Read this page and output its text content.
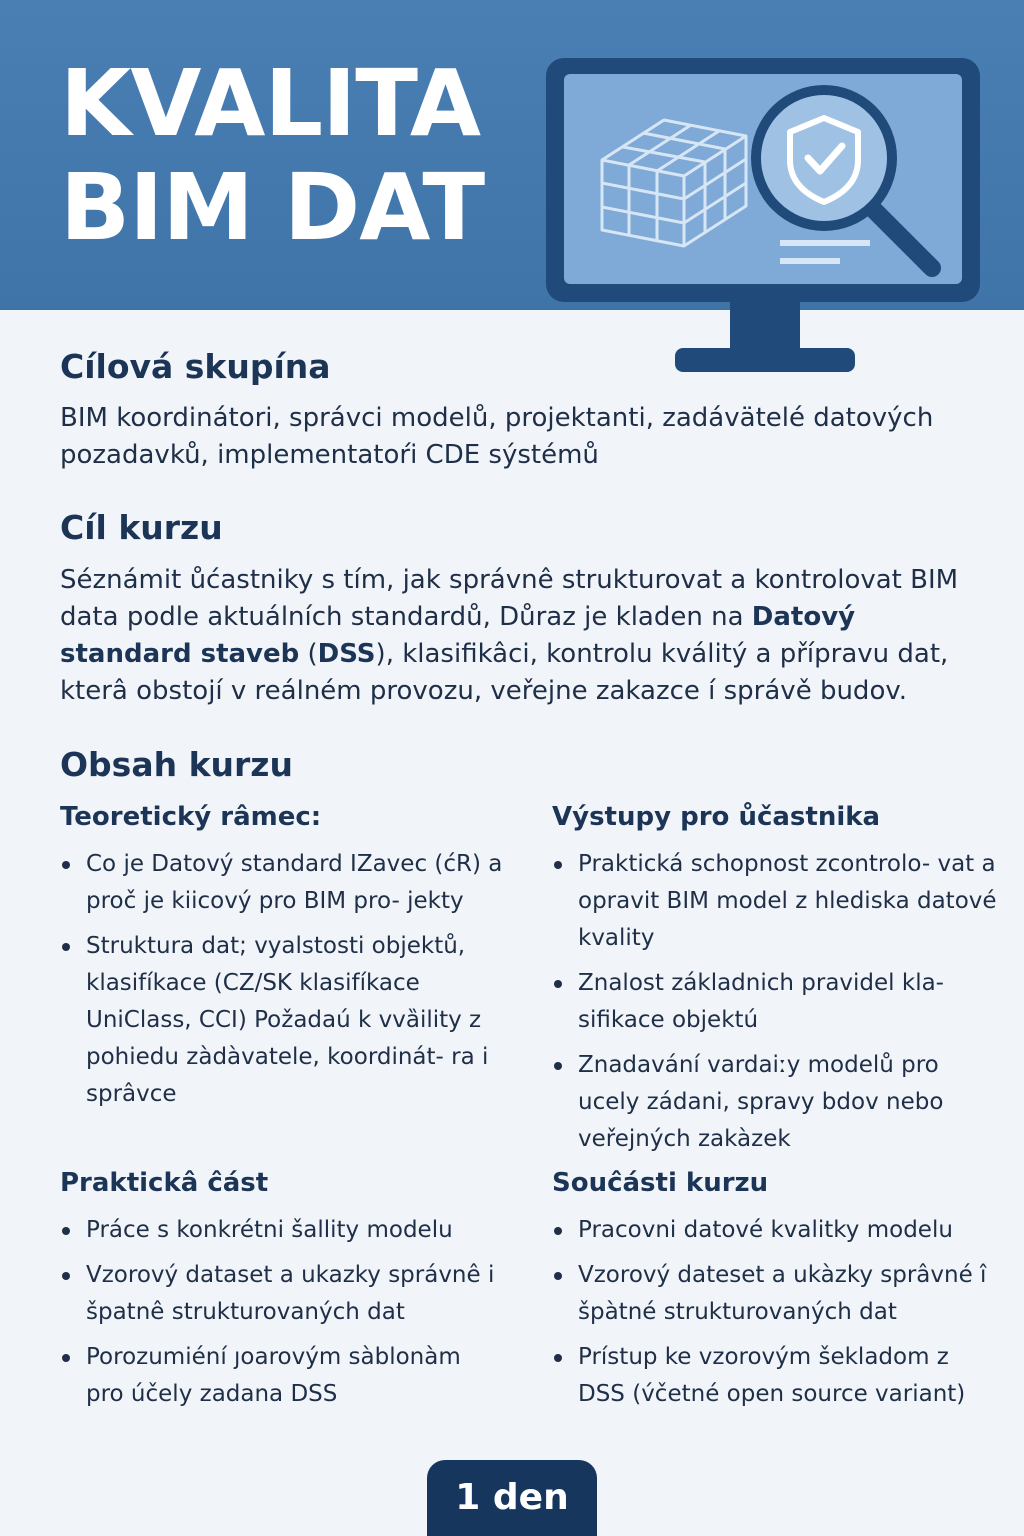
KVALITA
BIM DAT
Cílová skupína

BIM koordinátori, správci modelů, projektanti, zadávätelé datových pozadavků, implementatoŕi CDE sýstémů

Cíl kurzu

Séznámit ůćastniky s tím, jak správnê strukturovat a kontrolovat BIM data podle aktuálních standardů, Důraz je kladen na Datový standard staveb (DSS), klasifikâci, kontrolu kválitý a přípravu dat, kterâ obstojí v reálném provozu, veřejne zakazce í správě budov.

Obsah kurzu
Teoretický râmec:
Co je Datový standard ⅠZavec (ćR) a proč je kiicový pro BIM pro- jekty
Struktura dat; vyalstosti objektů, klasifíkace (CZ/SK klasifíkace UniClass, CCI) Požadaú k vvȁility z pohiedu zàdàvatele, koordinát- ra i sprâvce
Praktickâ ĉást
Práce s konkrétni šallity modelu
Vzorový dataset a ukazky správnê i špatnê strukturovaných dat
Porozumiéní ȷoarovým sàblonàm pro účely zadana DSS
Výstupy pro ůčastnika
Praktická schopnost zcontrolo- vat a opravit BIM model z hlediska datové kvality
Znalost základnich pravidel kla- sifikace objektú
Znadavání vardaiːy modelů pro ucely zádani, spravy bdov nebo veřejných zakàzek
Souĉásti kurzu
Pracovni datové kvalitky modelu
Vzorový dateset a ukàzky sprâvné î špàtné strukturovaných dat
Prístup ke vzorovým šekladom z DSS (v́četné open source variant)
1 den
